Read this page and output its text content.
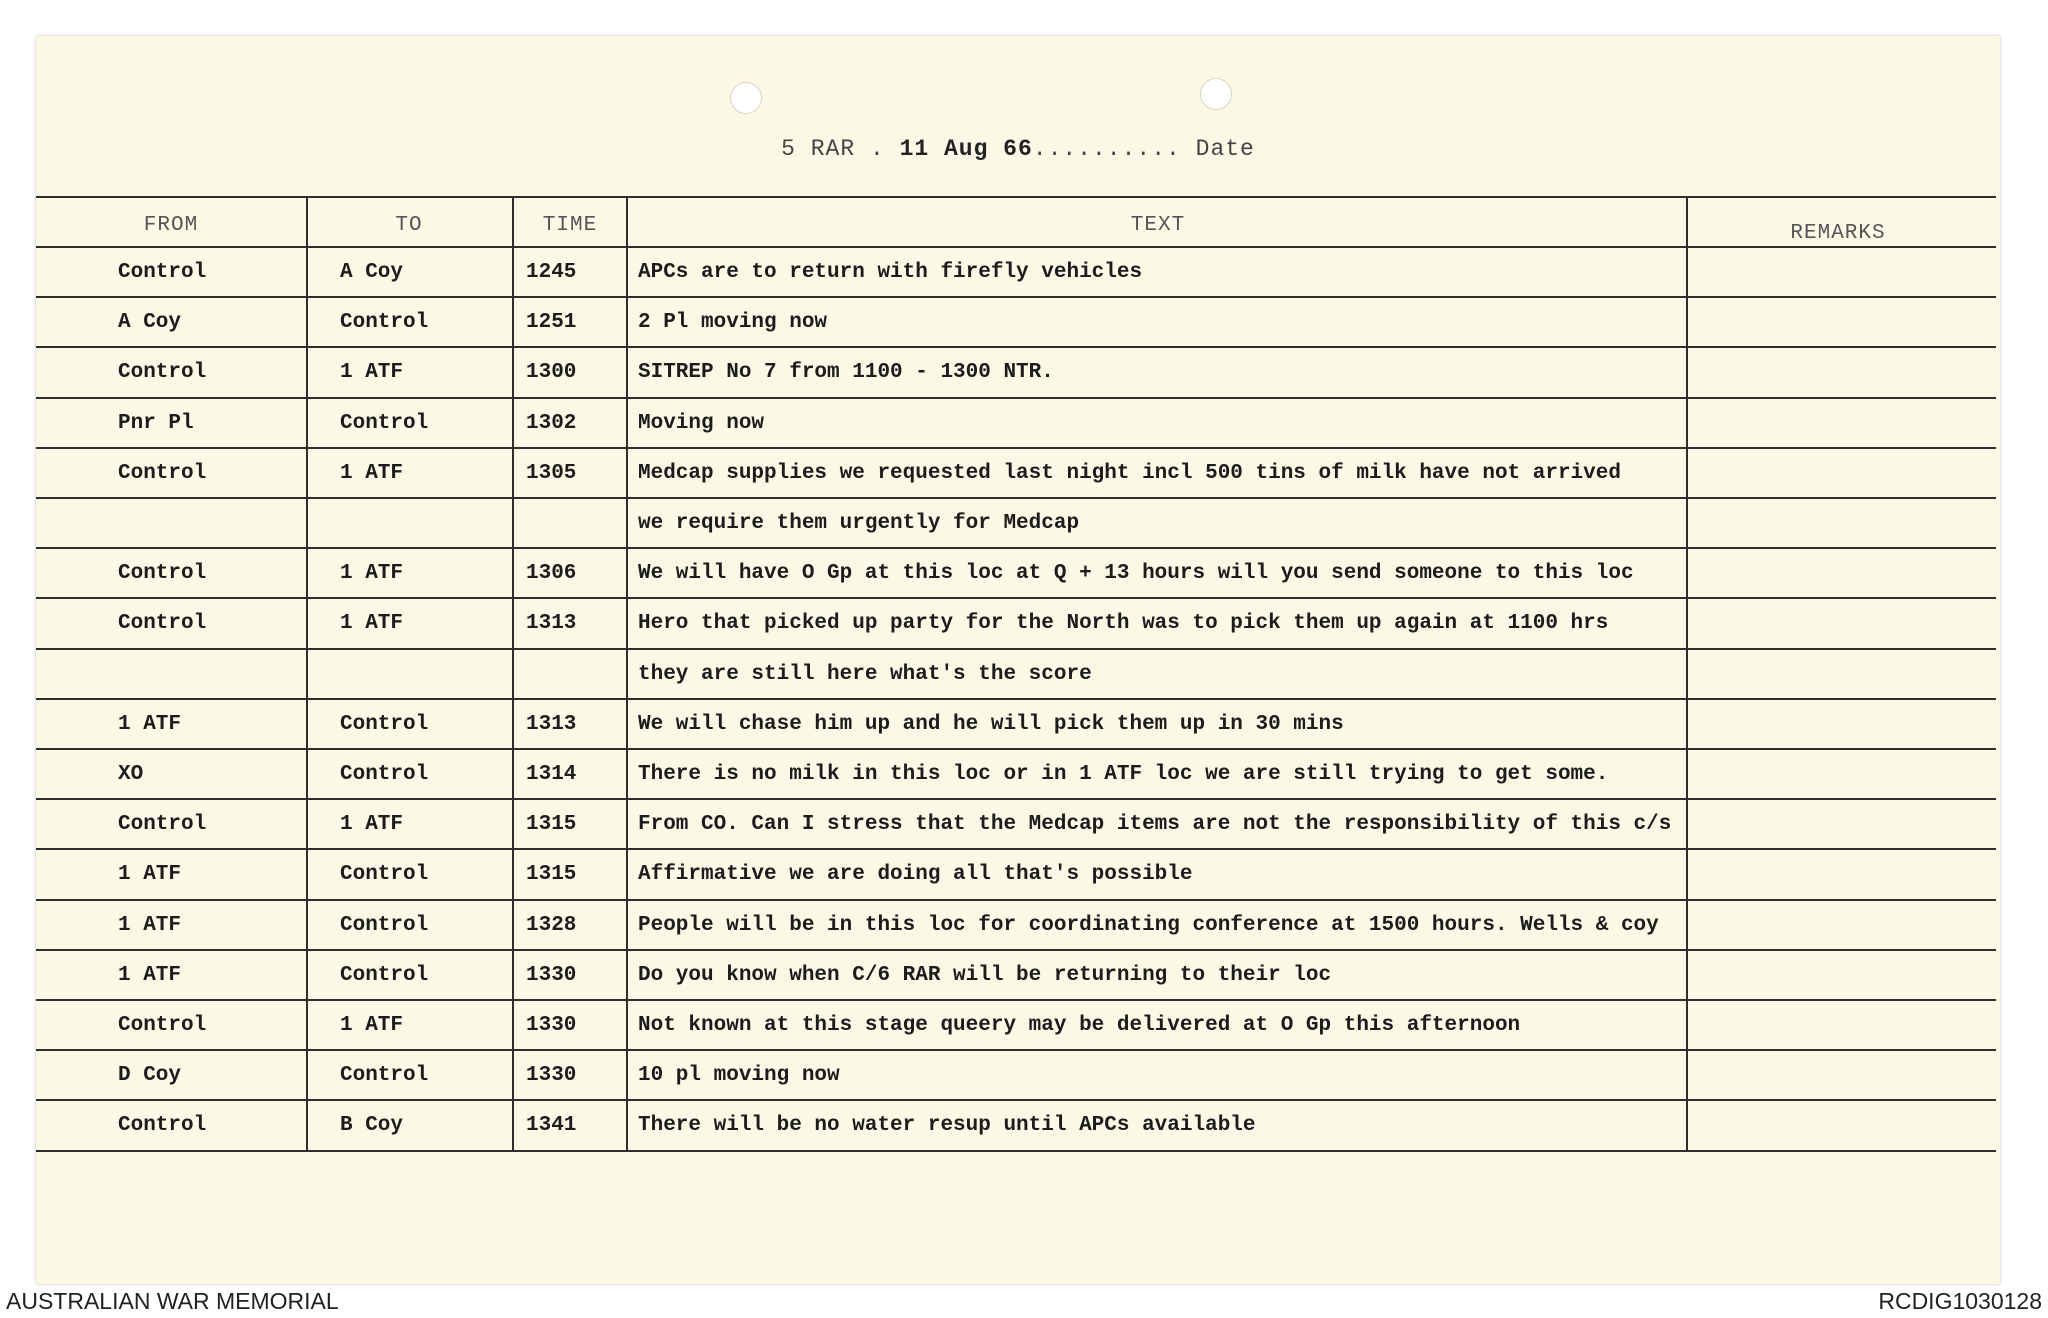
5 RAR . 11 Aug 66.......... Date
FROM	TO	TIME	TEXT	REMARKS
Control	A Coy	1245	APCs are to return with firefly vehicles
A Coy	Control	1251	2 Pl moving now
Control	1 ATF	1300	SITREP No 7 from 1100 - 1300 NTR.
Pnr Pl	Control	1302	Moving now
Control	1 ATF	1305	Medcap supplies we requested last night incl 500 tins of milk have not arrived
we require them urgently for Medcap
Control	1 ATF	1306	We will have O Gp at this loc at Q + 13 hours will you send someone to this loc
Control	1 ATF	1313	Hero that picked up party for the North was to pick them up again at 1100 hrs
they are still here what's the score
1 ATF	Control	1313	We will chase him up and he will pick them up in 30 mins
XO	Control	1314	There is no milk in this loc or in 1 ATF loc we are still trying to get some.
Control	1 ATF	1315	From CO. Can I stress that the Medcap items are not the responsibility of this c/s
1 ATF	Control	1315	Affirmative we are doing all that's possible
1 ATF	Control	1328	People will be in this loc for coordinating conference at 1500 hours. Wells & coy
1 ATF	Control	1330	Do you know when C/6 RAR will be returning to their loc
Control	1 ATF	1330	Not known at this stage queery may be delivered at O Gp this afternoon
D Coy	Control	1330	10 pl moving now
Control	B Coy	1341	There will be no water resup until APCs available
AUSTRALIAN WAR MEMORIAL	RCDIG1030128
